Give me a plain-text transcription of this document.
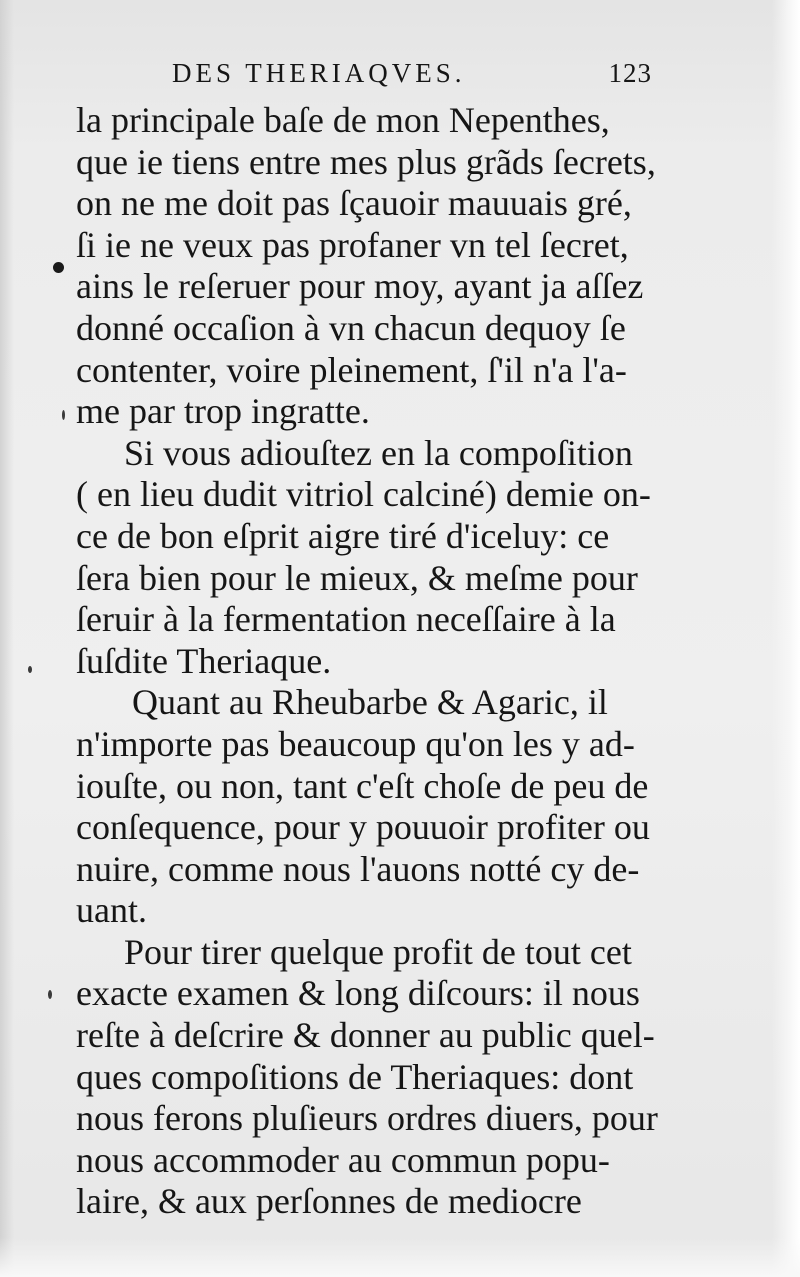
DES THERIAQVES.	123
la principale baſe de mon Nepenthes,
que ie tiens entre mes plus grãds ſecrets,
on ne me doit pas ſçauoir mauuais gré,
ſi ie ne veux pas profaner vn tel ſecret,
ains le reſeruer pour moy, ayant ja aſſez
donné occaſion à vn chacun dequoy ſe
contenter, voire pleinement, ſ'il n'a l'a-
me par trop ingratte.
Si vous adiouſtez en la compoſition
( en lieu dudit vitriol calciné) demie on-
ce de bon eſprit aigre tiré d'iceluy: ce
ſera bien pour le mieux, & meſme pour
ſeruir à la fermentation neceſſaire à la
ſuſdite Theriaque.
Quant au Rheubarbe & Agaric, il
n'importe pas beaucoup qu'on les y ad-
iouſte, ou non, tant c'eſt choſe de peu de
conſequence, pour y pouuoir profiter ou
nuire, comme nous l'auons notté cy de-
uant.
Pour tirer quelque profit de tout cet
exacte examen & long diſcours: il nous
reſte à deſcrire & donner au public quel-
ques compoſitions de Theriaques: dont
nous ferons pluſieurs ordres diuers, pour
nous accommoder au commun popu-
laire, & aux perſonnes de mediocre
